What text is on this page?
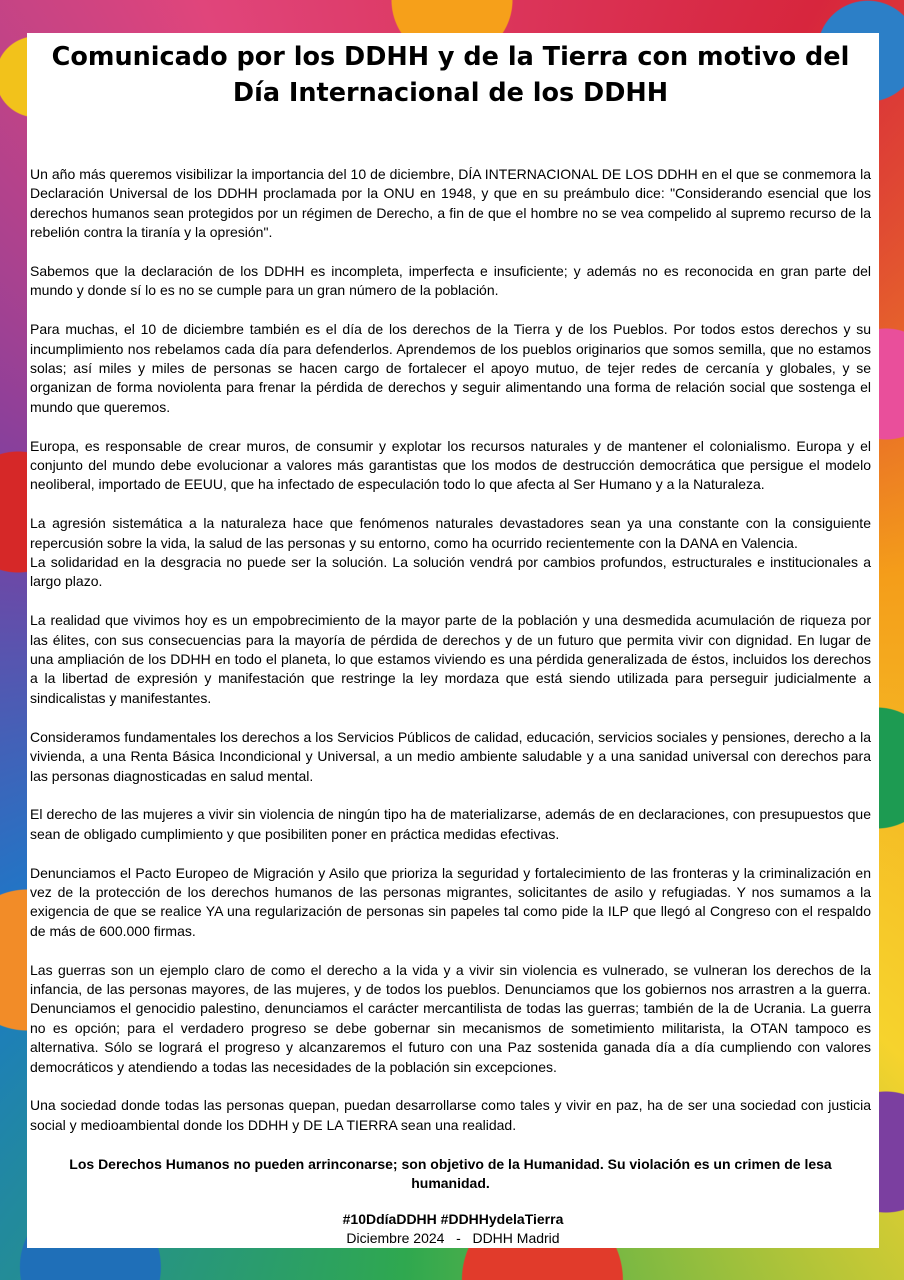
Comunicado por los DDHH y de la Tierra con motivo del
Día Internacional de los DDHH

Un año más queremos visibilizar la importancia del 10 de diciembre, DÍA INTERNACIONAL DE LOS DDHH en el que se conmemora la Declaración Universal de los DDHH proclamada por la ONU en 1948, y que en su preámbulo dice: "Considerando esencial que los derechos humanos sean protegidos por un régimen de Derecho, a fin de que el hombre no se vea compelido al supremo recurso de la rebelión contra la tiranía y la opresión".

Sabemos que la declaración de los DDHH es incompleta, imperfecta e insuficiente; y además no es reconocida en gran parte del mundo y donde sí lo es no se cumple para un gran número de la población.

Para muchas, el 10 de diciembre también es el día de los derechos de la Tierra y de los Pueblos. Por todos estos derechos y su incumplimiento nos rebelamos cada día para defenderlos. Aprendemos de los pueblos originarios que somos semilla, que no estamos solas; así miles y miles de personas se hacen cargo de fortalecer el apoyo mutuo, de tejer redes de cercanía y globales, y se organizan de forma noviolenta para frenar la pérdida de derechos y seguir alimentando una forma de relación social que sostenga el mundo que queremos.

Europa, es responsable de crear muros, de consumir y explotar los recursos naturales y de mantener el colonialismo. Europa y el conjunto del mundo debe evolucionar a valores más garantistas que los modos de destrucción democrática que persigue el modelo neoliberal, importado de EEUU, que ha infectado de especulación todo lo que afecta al Ser Humano y a la Naturaleza.

La agresión sistemática a la naturaleza hace que fenómenos naturales devastadores sean ya una constante con la consiguiente repercusión sobre la vida, la salud de las personas y su entorno, como ha ocurrido recientemente con la DANA en Valencia.

La solidaridad en la desgracia no puede ser la solución. La solución vendrá por cambios profundos, estructurales e institucionales a largo plazo.

La realidad que vivimos hoy es un empobrecimiento de la mayor parte de la población y una desmedida acumulación de riqueza por las élites, con sus consecuencias para la mayoría de pérdida de derechos y de un futuro que permita vivir con dignidad. En lugar de una ampliación de los DDHH en todo el planeta, lo que estamos viviendo es una pérdida generalizada de éstos, incluidos los derechos a la libertad de expresión y manifestación que restringe la ley mordaza que está siendo utilizada para perseguir judicialmente a sindicalistas y manifestantes.

Consideramos fundamentales los derechos a los Servicios Públicos de calidad, educación, servicios sociales y pensiones, derecho a la vivienda, a una Renta Básica Incondicional y Universal, a un medio ambiente saludable y a una sanidad universal con derechos para las personas diagnosticadas en salud mental.

El derecho de las mujeres a vivir sin violencia de ningún tipo ha de materializarse, además de en declaraciones, con presupuestos que sean de obligado cumplimiento y que posibiliten poner en práctica medidas efectivas.

Denunciamos el Pacto Europeo de Migración y Asilo que prioriza la seguridad y fortalecimiento de las fronteras y la criminalización en vez de la protección de los derechos humanos de las personas migrantes, solicitantes de asilo y refugiadas. Y nos sumamos a la exigencia de que se realice YA una regularización de personas sin papeles tal como pide la ILP que llegó al Congreso con el respaldo de más de 600.000 firmas.

Las guerras son un ejemplo claro de como el derecho a la vida y a vivir sin violencia es vulnerado, se vulneran los derechos de la infancia, de las personas mayores, de las mujeres, y de todos los pueblos. Denunciamos que los gobiernos nos arrastren a la guerra. Denunciamos el genocidio palestino, denunciamos el carácter mercantilista de todas las guerras; también de la de Ucrania. La guerra no es opción; para el verdadero progreso se debe gobernar sin mecanismos de sometimiento militarista, la OTAN tampoco es alternativa. Sólo se logrará el progreso y alcanzaremos el futuro con una Paz sostenida ganada día a día cumpliendo con valores democráticos y atendiendo a todas las necesidades de la población sin excepciones.

Una sociedad donde todas las personas quepan, puedan desarrollarse como tales y vivir en paz, ha de ser una sociedad con justicia social y medioambiental donde los DDHH y DE LA TIERRA sean una realidad.

Los Derechos Humanos no pueden arrinconarse; son objetivo de la Humanidad. Su violación es un crimen de lesa humanidad.

#10DdíaDDHH #DDHHydelaTierra
Diciembre 2024   -   DDHH Madrid
